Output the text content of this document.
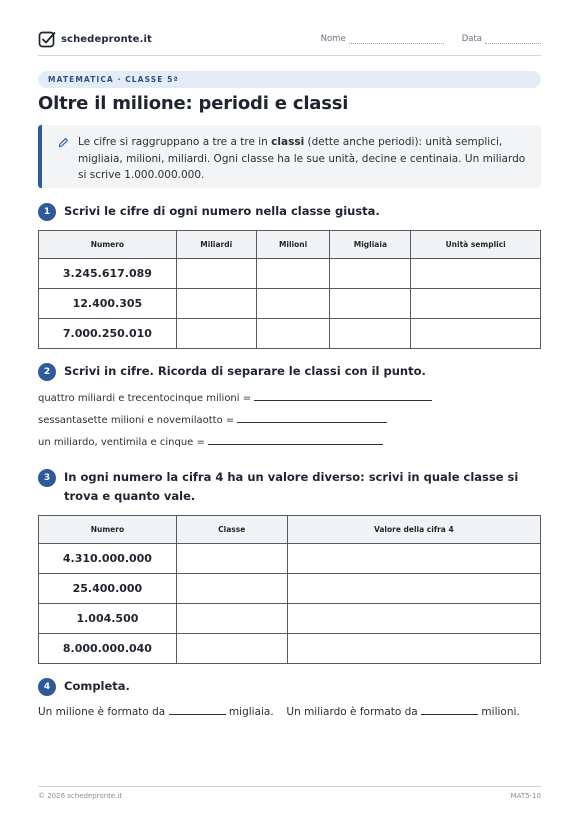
schedepronte.it	Nome	Data
MATEMATICA · CLASSE 5ª
Oltre il milione: periodi e classi
Le cifre si raggruppano a tre a tre in classi (dette anche periodi): unità semplici, migliaia, milioni, miliardi. Ogni classe ha le sue unità, decine e centinaia. Un miliardo si scrive 1.000.000.000.
1	Scrivi le cifre di ogni numero nella classe giusta.
Numero	Miliardi	Milioni	Migliaia	Unità semplici
3.245.617.089				
12.400.305				
7.000.250.010				
2	Scrivi in cifre. Ricorda di separare le classi con il punto.
quattro miliardi e trecentocinque milioni =
sessantasette milioni e novemilaotto =
un miliardo, ventimila e cinque =
3	In ogni numero la cifra 4 ha un valore diverso: scrivi in quale classe si trova e quanto vale.
Numero	Classe	Valore della cifra 4
4.310.000.000		
25.400.000		
1.004.500		
8.000.000.040		
4	Completa.
Un milione è formato da	migliaia. Un miliardo è formato da	milioni.
© 2026 schedepronte.it	MAT5-10
